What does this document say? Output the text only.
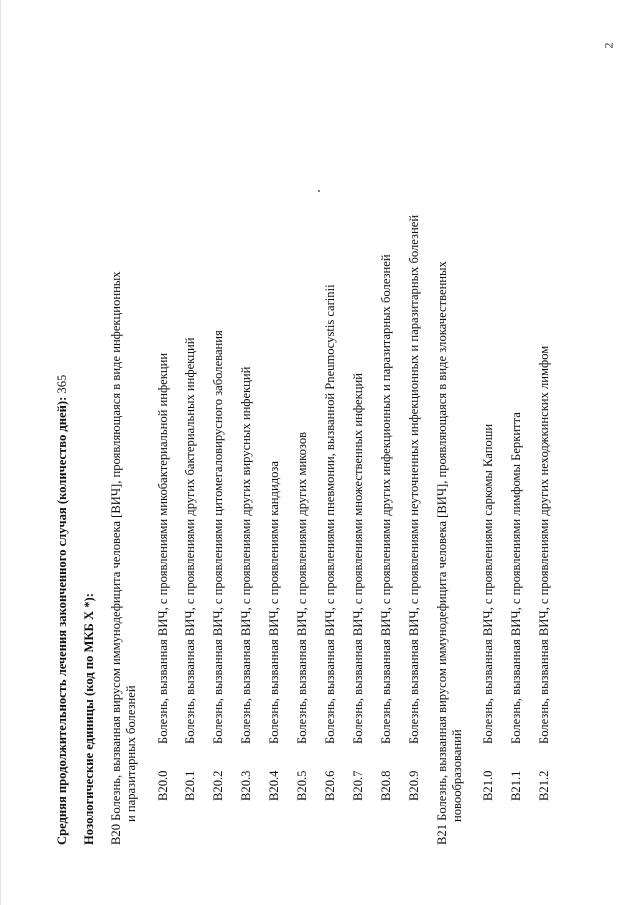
2
Средняя продолжительность лечения законченного случая (количество дней): 365
Нозологические единицы (код по МКБ X *): B20 Болезнь, вызванная вирусом иммунодефицита человека [ВИЧ], проявляющаяся в виде инфекционных и паразитарных болезней B20.0
Болезнь, вызванная ВИЧ, с проявлениями микобактериальной инфекции
B20.1
Болезнь, вызванная ВИЧ, с проявлениями других бактериальных инфекций
B20.2
Болезнь, вызванная ВИЧ, с проявлениями цитомегаловирусного заболевания
B20.3
Болезнь, вызванная ВИЧ, с проявлениями других вирусных инфекций
B20.4
Болезнь, вызванная ВИЧ, с проявлениями кандидоза
B20.5
Болезнь, вызванная ВИЧ, с проявлениями других микозов
B20.6
Болезнь, вызванная ВИЧ, с проявлениями пневмонии, вызванной Pneumocystis carinii
B20.7
Болезнь, вызванная ВИЧ, с проявлениями множественных инфекций
B20.8
Болезнь, вызванная ВИЧ, с проявлениями других инфекционных и паразитарных болезней
B20.9
Болезнь, вызванная ВИЧ, с проявлениями неуточненных инфекционных и паразитарных болезней
B21 Болезнь, вызванная вирусом иммунодефицита человека [ВИЧ], проявляющаяся в виде злокачественных новообразований B21.0
Болезнь, вызванная ВИЧ, с проявлениями саркомы Капоши
B21.1
Болезнь, вызванная ВИЧ, с проявлениями лимфомы Беркитта
B21.2
Болезнь, вызванная ВИЧ, с проявлениями других неходжкинских лимфом
